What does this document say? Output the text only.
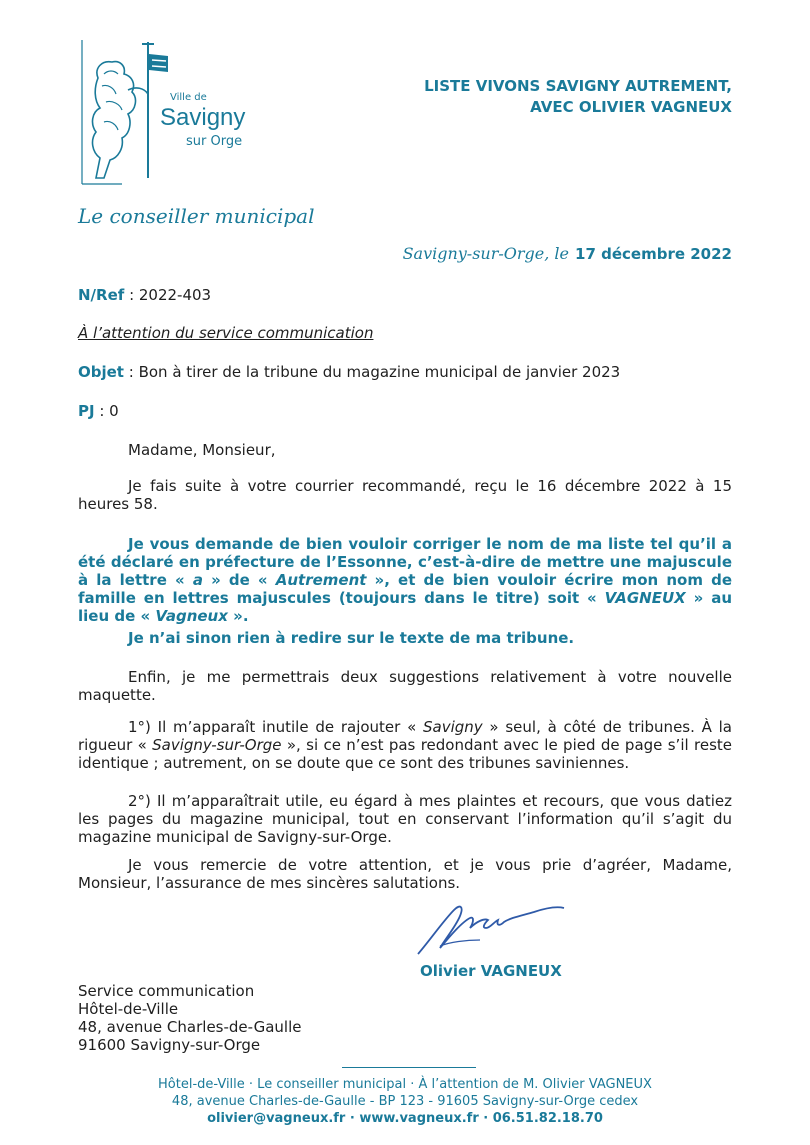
Ville de
Savigny
sur Orge
LISTE VIVONS SAVIGNY AUTREMENT,
AVEC OLIVIER VAGNEUX
Le conseiller municipal
Savigny-sur-Orge, le 17 décembre 2022
N/Ref : 2022-403
À l’attention du service communication
Objet : Bon à tirer de la tribune du magazine municipal de janvier 2023
PJ : 0
Madame, Monsieur,
Je fais suite à votre courrier recommandé, reçu le 16 décembre 2022 à 15 heures 58.
Je vous demande de bien vouloir corriger le nom de ma liste tel qu’il a été déclaré en préfecture de l’Essonne, c’est-à-dire de mettre une majuscule à la lettre « a » de « Autrement », et de bien vouloir écrire mon nom de famille en lettres majuscules (toujours dans le titre) soit « VAGNEUX » au lieu de « Vagneux ».
Je n’ai sinon rien à redire sur le texte de ma tribune.
Enfin, je me permettrais deux suggestions relativement à votre nouvelle maquette.
1°) Il m’apparaît inutile de rajouter « Savigny » seul, à côté de tribunes. À la rigueur « Savigny-sur-Orge », si ce n’est pas redondant avec le pied de page s’il reste identique ; autrement, on se doute que ce sont des tribunes saviniennes.
2°) Il m’apparaîtrait utile, eu égard à mes plaintes et recours, que vous datiez les pages du magazine municipal, tout en conservant l’information qu’il s’agit du magazine municipal de Savigny-sur-Orge.
Je vous remercie de votre attention, et je vous prie d’agréer, Madame, Monsieur, l’assurance de mes sincères salutations.
Olivier VAGNEUX
Service communication
Hôtel-de-Ville
48, avenue Charles-de-Gaulle
91600 Savigny-sur-Orge
Hôtel-de-Ville · Le conseiller municipal · À l’attention de M. Olivier VAGNEUX
48, avenue Charles-de-Gaulle - BP 123 - 91605 Savigny-sur-Orge cedex
olivier@vagneux.fr · www.vagneux.fr · 06.51.82.18.70
